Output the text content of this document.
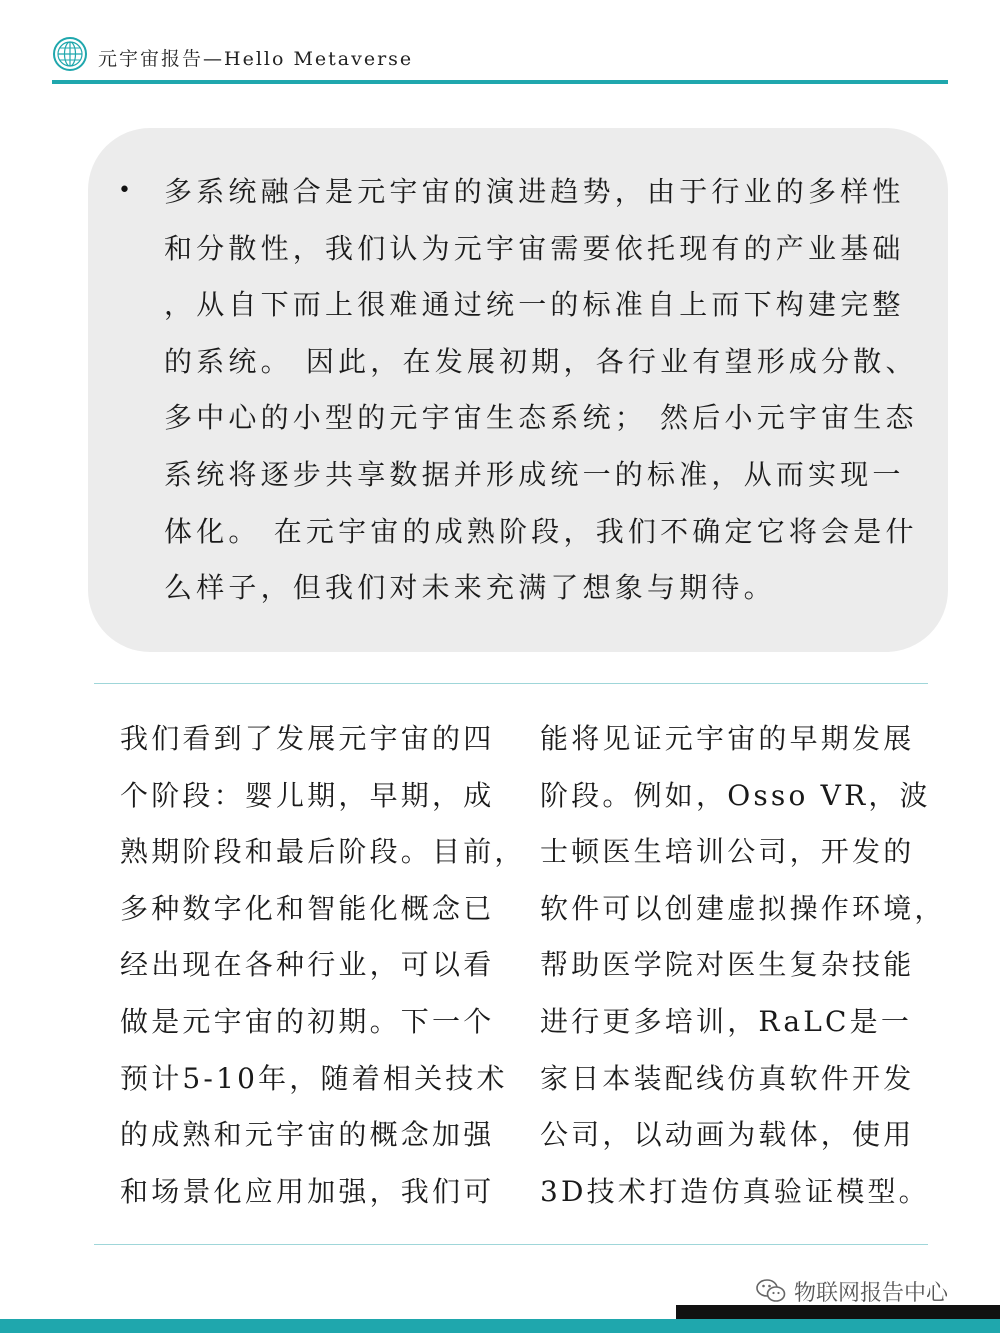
元宇宙报告—Hello Metaverse
• 多系统融合是元宇宙的演进趋势，由于行业的多样性
和分散性，我们认为元宇宙需要依托现有的产业基础
，从自下而上很难通过统一的标准自上而下构建完整
的系统。 因此，在发展初期，各行业有望形成分散、
多中心的小型的元宇宙生态系统； 然后小元宇宙生态
系统将逐步共享数据并形成统一的标准，从而实现一
体化。 在元宇宙的成熟阶段，我们不确定它将会是什
么样子，但我们对未来充满了想象与期待。
我们看到了发展元宇宙的四
个阶段：婴儿期，早期，成
熟期阶段和最后阶段。目前，
多种数字化和智能化概念已
经出现在各种行业，可以看
做是元宇宙的初期。下一个
预计5-10年，随着相关技术
的成熟和元宇宙的概念加强
和场景化应用加强，我们可
能将见证元宇宙的早期发展
阶段。例如，Osso VR，波
士顿医生培训公司，开发的
软件可以创建虚拟操作环境，
帮助医学院对医生复杂技能
进行更多培训，RaLC是一
家日本装配线仿真软件开发
公司，以动画为载体，使用
3D技术打造仿真验证模型。
物联网报告中心
